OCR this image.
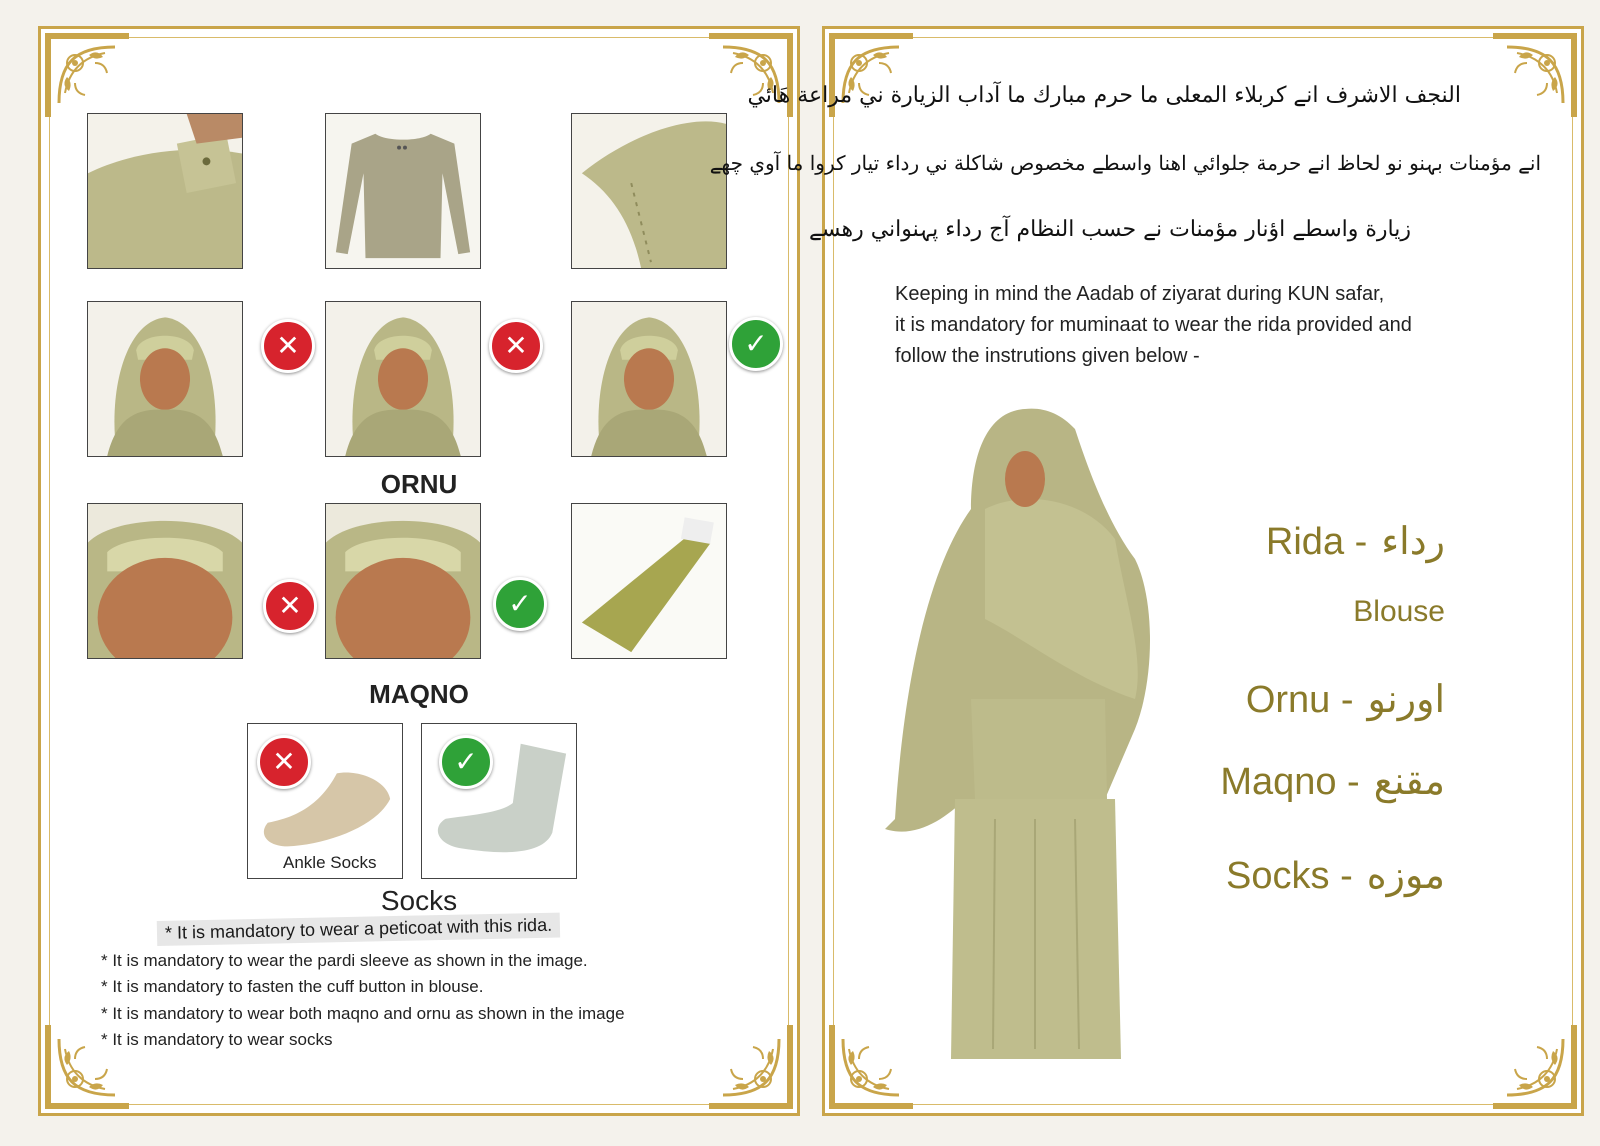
✕	✕	✓
ORNU
✕	✓
MAQNO
✕
Ankle Socks
✓
Socks
* It is mandatory to wear a peticoat with this rida.
* It is mandatory to wear the pardi sleeve as shown in the image.
* It is mandatory to fasten the cuff button in blouse.
* It is mandatory to wear both maqno and ornu as shown in the image
* It is mandatory to wear socks
النجف الاشرف انے كربلاء المعلى ما حرم مبارك ما آداب الزيارة ني مراعة هَائي
انے مؤمنات بہنو نو لحاظ انے حرمة جلوائي اهنا واسطے مخصوص شاكلة ني رداء تيار كروا ما آوي چھے
زيارة واسطے اؤنار مؤمنات نے حسب النظام آج رداء پہنواني رهسے
Keeping in mind the Aadab of ziyarat during KUN safar,
it is mandatory for muminaat to wear the rida provided and
follow the instrutions given below -
Rida - رداء
Blouse
Ornu - اورنو
Maqno - مقنع
Socks - موزه
